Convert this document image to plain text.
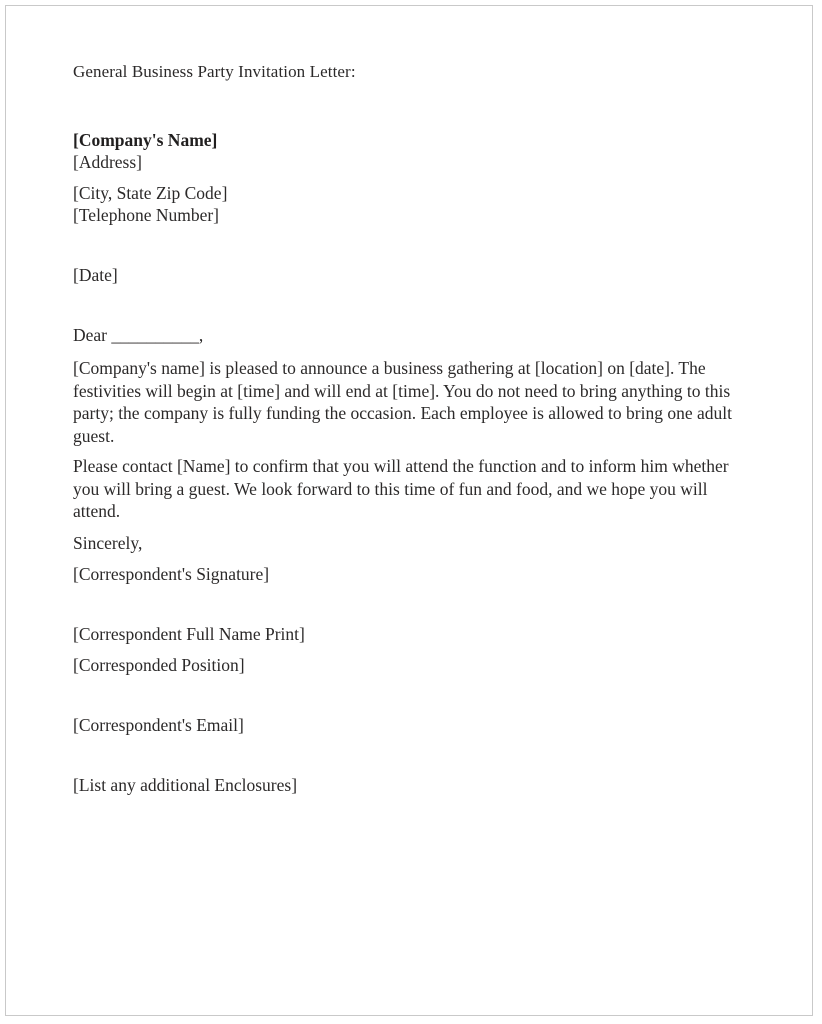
General Business Party Invitation Letter:

[Company's Name]

[Address]

[City, State Zip Code]

[Telephone Number]

[Date]

Dear __________,

[Company's name] is pleased to announce a business gathering at [location] on [date]. The festivities will begin at [time] and will end at [time]. You do not need to bring anything to this party; the company is fully funding the occasion. Each employee is allowed to bring one adult guest.

Please contact [Name] to confirm that you will attend the function and to inform him whether you will bring a guest. We look forward to this time of fun and food, and we hope you will attend.

Sincerely,

[Correspondent's Signature]

[Correspondent Full Name Print]

[Corresponded Position]

[Correspondent's Email]

[List any additional Enclosures]
